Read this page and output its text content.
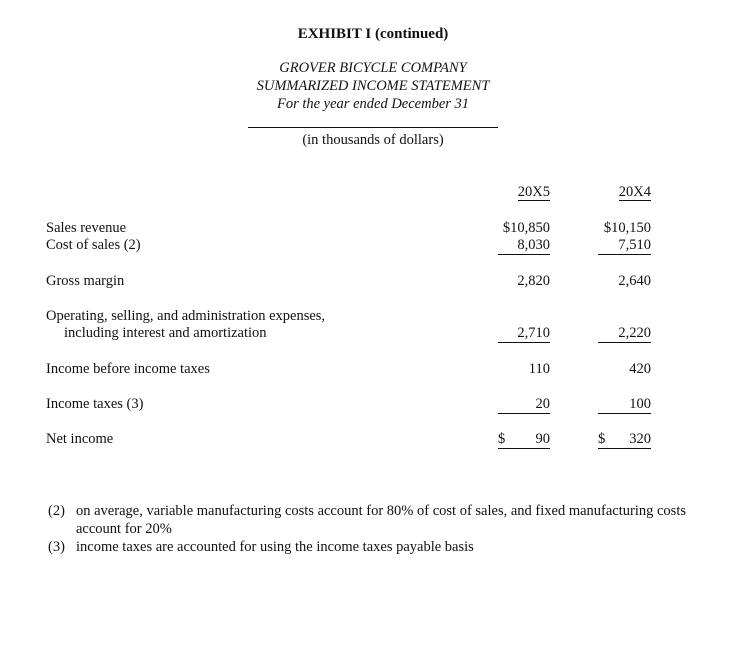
EXHIBIT I (continued)
GROVER BICYCLE COMPANY
SUMMARIZED INCOME STATEMENT
For the year ended December 31
(in thousands of dollars)
20X5	20X4
Sales revenue	$10,850	$10,150
Cost of sales (2)	8,030	7,510
Gross margin	2,820	2,640
Operating, selling, and administration expenses,
including interest and amortization	2,710	2,220
Income before income taxes	110	420
Income taxes (3)	20	100
Net income	$	90	$	320
(2) on average, variable manufacturing costs account for 80% of cost of sales, and fixed manufacturing costs account for 20%
(3) income taxes are accounted for using the income taxes payable basis
